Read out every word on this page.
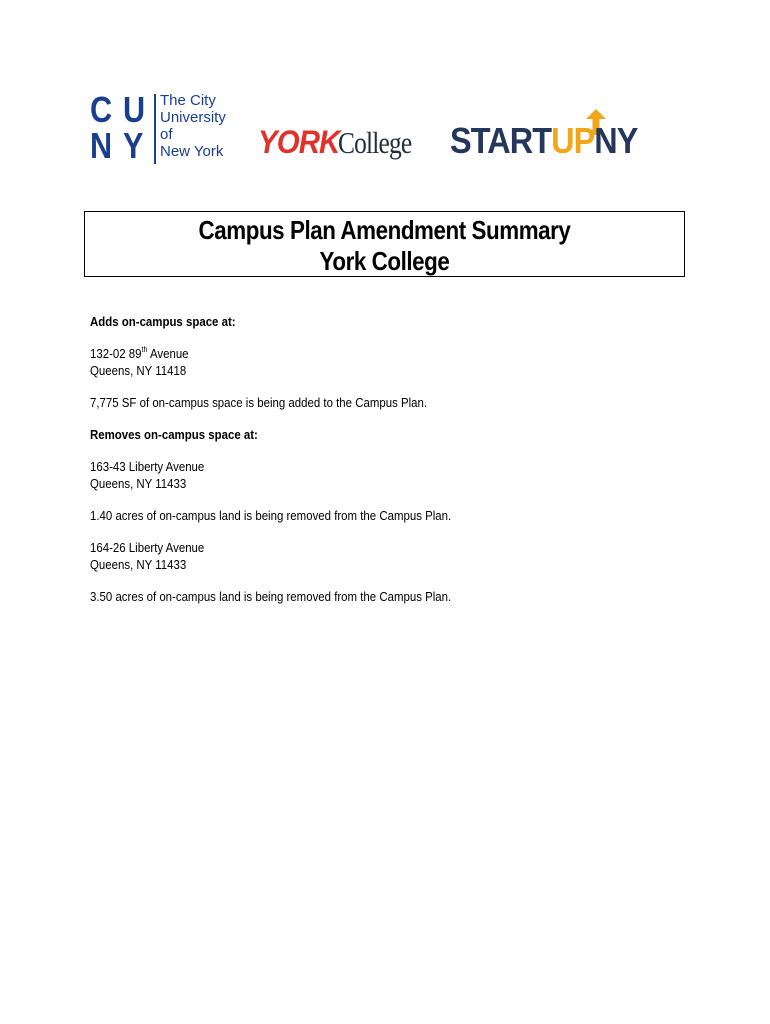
C U
N Y
The City
University
of
New York	YORKCollege	STARTUPNY
Campus Plan Amendment Summary
York College

Adds on-campus space at:

132-02 89th Avenue

Queens, NY 11418

7,775 SF of on-campus space is being added to the Campus Plan.

Removes on-campus space at:

163-43 Liberty Avenue

Queens, NY 11433

1.40 acres of on-campus land is being removed from the Campus Plan.

164-26 Liberty Avenue

Queens, NY 11433

3.50 acres of on-campus land is being removed from the Campus Plan.
